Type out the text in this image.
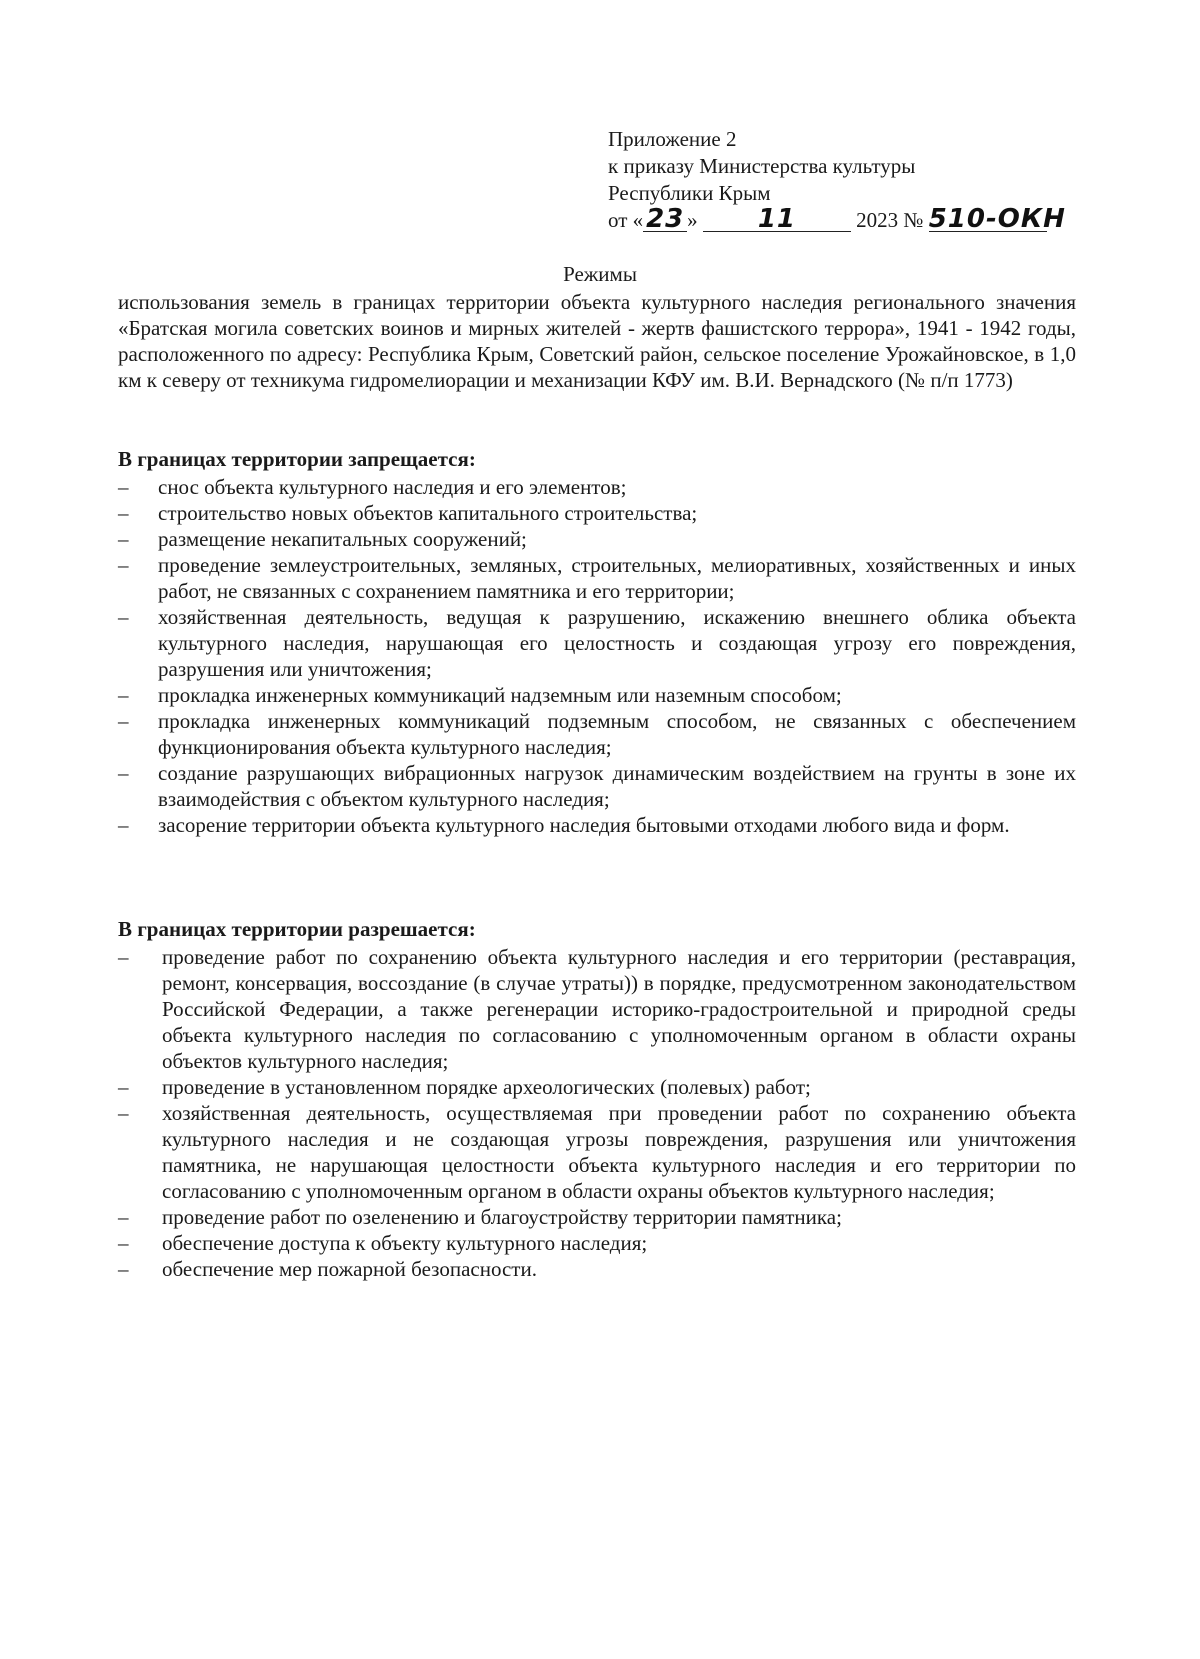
Приложение 2
к приказу Министерства культуры
Республики Крым
от « 23 » 11	2023 № 510-ОКН
Режимы
использования земель в границах территории объекта культурного наследия регионального значения «Братская могила советских воинов и мирных жителей - жертв фашистского террора», 1941 - 1942 годы, расположенного по адресу: Республика Крым, Советский район, сельское поселение Урожайновское, в 1,0 км к северу от техникума гидромелиорации и механизации КФУ им. В.И. Вернадского (№ п/п 1773)
В границах территории запрещается:
– снос объекта культурного наследия и его элементов;
– строительство новых объектов капитального строительства;
– размещение некапитальных сооружений;
– проведение землеустроительных, земляных, строительных, мелиоративных, хозяйственных и иных работ, не связанных с сохранением памятника и его территории;
– хозяйственная деятельность, ведущая к разрушению, искажению внешнего облика объекта культурного наследия, нарушающая его целостность и создающая угрозу его повреждения, разрушения или уничтожения;
– прокладка инженерных коммуникаций надземным или наземным способом;
– прокладка инженерных коммуникаций подземным способом, не связанных с обеспечением функционирования объекта культурного наследия;
– создание разрушающих вибрационных нагрузок динамическим воздействием на грунты в зоне их взаимодействия с объектом культурного наследия;
– засорение территории объекта культурного наследия бытовыми отходами любого вида и форм.
В границах территории разрешается:
– проведение работ по сохранению объекта культурного наследия и его территории (реставрация, ремонт, консервация, воссоздание (в случае утраты)) в порядке, предусмотренном законодательством Российской Федерации, а также регенерации историко-градостроительной и природной среды объекта культурного наследия по согласованию с уполномоченным органом в области охраны объектов культурного наследия;
– проведение в установленном порядке археологических (полевых) работ;
– хозяйственная деятельность, осуществляемая при проведении работ по сохранению объекта культурного наследия и не создающая угрозы повреждения, разрушения или уничтожения памятника, не нарушающая целостности объекта культурного наследия и его территории по согласованию с уполномоченным органом в области охраны объектов культурного наследия;
– проведение работ по озеленению и благоустройству территории памятника;
– обеспечение доступа к объекту культурного наследия;
– обеспечение мер пожарной безопасности.
